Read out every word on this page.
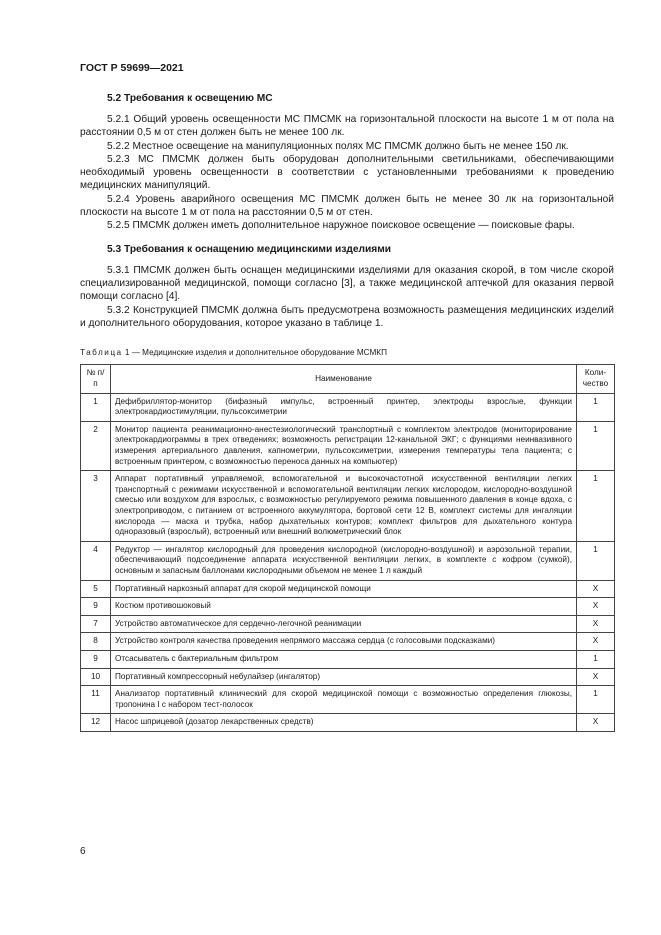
ГОСТ Р 59699—2021
5.2 Требования к освещению МС

5.2.1 Общий уровень освещенности МС ПМСМК на горизонтальной плоскости на высоте 1 м от пола на расстоянии 0,5 м от стен должен быть не менее 100 лк.

5.2.2 Местное освещение на манипуляционных полях МС ПМСМК должно быть не менее 150 лк.

5.2.3 МС ПМСМК должен быть оборудован дополнительными светильниками, обеспечивающими необходимый уровень освещенности в соответствии с установленными требованиями к проведению медицинских манипуляций.

5.2.4 Уровень аварийного освещения МС ПМСМК должен быть не менее 30 лк на горизонтальной плоскости на высоте 1 м от пола на расстоянии 0,5 м от стен.

5.2.5 ПМСМК должен иметь дополнительное наружное поисковое освещение — поисковые фары.

5.3 Требования к оснащению медицинскими изделиями

5.3.1 ПМСМК должен быть оснащен медицинскими изделиями для оказания скорой, в том числе скорой специализированной медицинской, помощи согласно [3], а также медицинской аптечкой для оказания первой помощи согласно [4].

5.3.2 Конструкцией ПМСМК должна быть предусмотрена возможность размещения медицинских изделий и дополнительного оборудования, которое указано в таблице 1.

Таблица 1 — Медицинские изделия и дополнительное оборудование МСМКП
№ п/п	Наименование	Коли-чество
1	Дефибриллятор-монитор (бифазный импульс, встроенный принтер, электроды взрослые, функции электрокардиостимуляции, пульсоксиметрии	1
2	Монитор пациента реанимационно-анестезиологический транспортный с комплектом электродов (мониторирование электрокардиограммы в трех отведениях; возможность регистрации 12-канальной ЭКГ; с функциями неинвазивного измерения артериального давления, капнометрии, пульсоксиметрии, измерения температуры тела пациента; с встроенным принтером, с возможностью переноса данных на компьютер)	1
3	Аппарат портативный управляемой, вспомогательной и высокочастотной искусственной вентиляции легких транспортный с режимами искусственной и вспомогательной вентиляции легких кислородом, кислородно-воздушной смесью или воздухом для взрослых, с возможностью регулируемого режима повышенного давления в конце вдоха, с электроприводом, с питанием от встроенного аккумулятора, бортовой сети 12 В, комплект системы для ингаляции кислорода — маска и трубка, набор дыхательных контуров; комплект фильтров для дыхательного контура одноразовый (взрослый), встроенный или внешний волюметрический блок	1
4	Редуктор — ингалятор кислородный для проведения кислородной (кислородно-воздушной) и аэрозольной терапии, обеспечивающий подсоединение аппарата искусственной вентиляции легких, в комплекте с кофром (сумкой), основным и запасным баллонами кислородными объемом не менее 1 л каждый	1
5	Портативный наркозный аппарат для скорой медицинской помощи	Х
9	Костюм противошоковый	Х
7	Устройство автоматическое для сердечно-легочной реанимации	Х
8	Устройство контроля качества проведения непрямого массажа сердца (с голосовыми подсказками)	Х
9	Отсасыватель с бактериальным фильтром	1
10	Портативный компрессорный небулайзер (ингалятор)	Х
11	Анализатор портативный клинический для скорой медицинской помощи с возможностью определения глюкозы, тропонина I с набором тест-полосок	1
12	Насос шприцевой (дозатор лекарственных средств)	Х
6
